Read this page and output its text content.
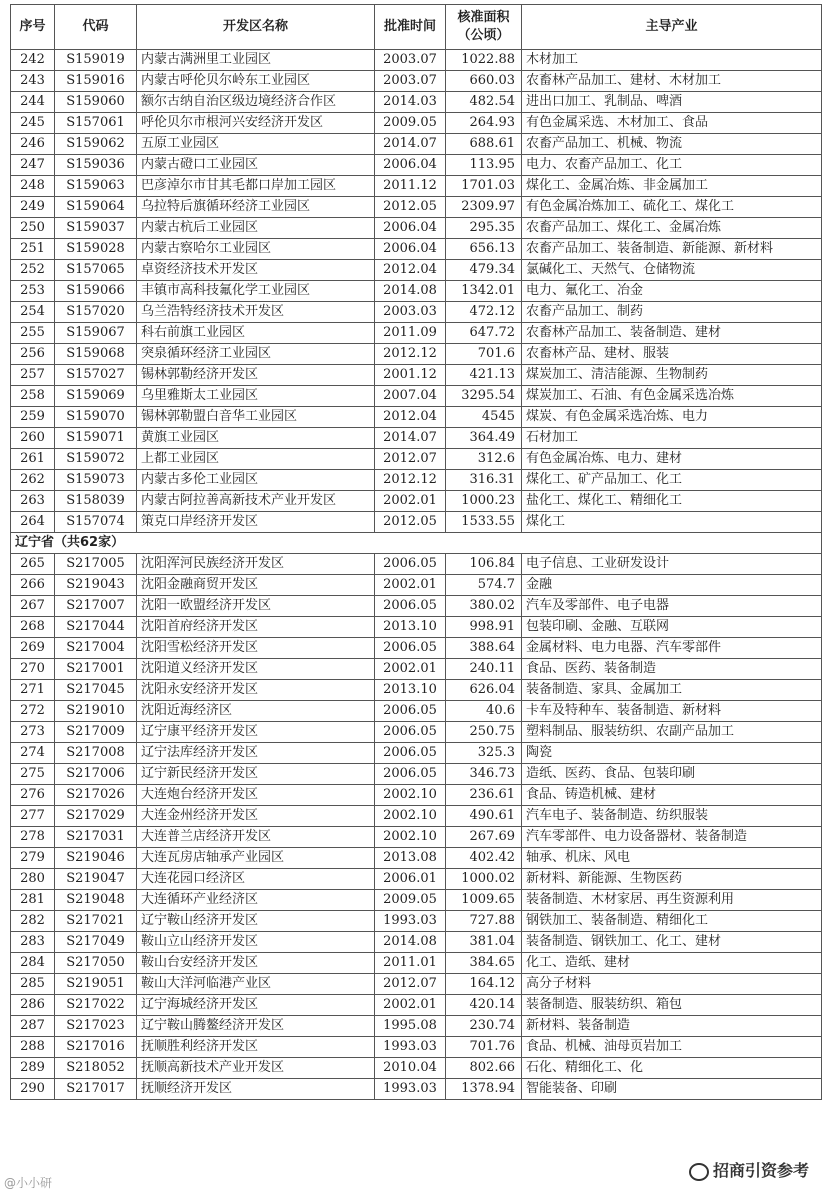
序号	代码	开发区名称	批准时间	核准面积（公顷）	主导产业
242	S159019	内蒙古满洲里工业园区	2003.07	1022.88	木材加工
243	S159016	内蒙古呼伦贝尔岭东工业园区	2003.07	660.03	农畜林产品加工、建材、木材加工
244	S159060	额尔古纳自治区级边境经济合作区	2014.03	482.54	进出口加工、乳制品、啤酒
245	S157061	呼伦贝尔市根河兴安经济开发区	2009.05	264.93	有色金属采选、木材加工、食品
246	S159062	五原工业园区	2014.07	688.61	农畜产品加工、机械、物流
247	S159036	内蒙古磴口工业园区	2006.04	113.95	电力、农畜产品加工、化工
248	S159063	巴彦淖尔市甘其毛都口岸加工园区	2011.12	1701.03	煤化工、金属冶炼、非金属加工
249	S159064	乌拉特后旗循环经济工业园区	2012.05	2309.97	有色金属冶炼加工、硫化工、煤化工
250	S159037	内蒙古杭后工业园区	2006.04	295.35	农畜产品加工、煤化工、金属冶炼
251	S159028	内蒙古察哈尔工业园区	2006.04	656.13	农畜产品加工、装备制造、新能源、新材料
252	S157065	卓资经济技术开发区	2012.04	479.34	氯碱化工、天然气、仓储物流
253	S159066	丰镇市高科技氟化学工业园区	2014.08	1342.01	电力、氟化工、冶金
254	S157020	乌兰浩特经济技术开发区	2003.03	472.12	农畜产品加工、制药
255	S159067	科右前旗工业园区	2011.09	647.72	农畜林产品加工、装备制造、建材
256	S159068	突泉循环经济工业园区	2012.12	701.6	农畜林产品、建材、服装
257	S157027	锡林郭勒经济开发区	2001.12	421.13	煤炭加工、清洁能源、生物制药
258	S159069	乌里雅斯太工业园区	2007.04	3295.54	煤炭加工、石油、有色金属采选冶炼
259	S159070	锡林郭勒盟白音华工业园区	2012.04	4545	煤炭、有色金属采选冶炼、电力
260	S159071	黄旗工业园区	2014.07	364.49	石材加工
261	S159072	上都工业园区	2012.07	312.6	有色金属冶炼、电力、建材
262	S159073	内蒙古多伦工业园区	2012.12	316.31	煤化工、矿产品加工、化工
263	S158039	内蒙古阿拉善高新技术产业开发区	2002.01	1000.23	盐化工、煤化工、精细化工
264	S157074	策克口岸经济开发区	2012.05	1533.55	煤化工
辽宁省（共62家）					
265	S217005	沈阳浑河民族经济开发区	2006.05	106.84	电子信息、工业研发设计
266	S219043	沈阳金融商贸开发区	2002.01	574.7	金融
267	S217007	沈阳一欧盟经济开发区	2006.05	380.02	汽车及零部件、电子电器
268	S217044	沈阳首府经济开发区	2013.10	998.91	包装印刷、金融、互联网
269	S217004	沈阳雪松经济开发区	2006.05	388.64	金属材料、电力电器、汽车零部件
270	S217001	沈阳道义经济开发区	2002.01	240.11	食品、医药、装备制造
271	S217045	沈阳永安经济开发区	2013.10	626.04	装备制造、家具、金属加工
272	S219010	沈阳近海经济区	2006.05	40.6	卡车及特种车、装备制造、新材料
273	S217009	辽宁康平经济开发区	2006.05	250.75	塑料制品、服装纺织、农副产品加工
274	S217008	辽宁法库经济开发区	2006.05	325.3	陶瓷
275	S217006	辽宁新民经济开发区	2006.05	346.73	造纸、医药、食品、包装印刷
276	S217026	大连炮台经济开发区	2002.10	236.61	食品、铸造机械、建材
277	S217029	大连金州经济开发区	2002.10	490.61	汽车电子、装备制造、纺织服装
278	S217031	大连普兰店经济开发区	2002.10	267.69	汽车零部件、电力设备器材、装备制造
279	S219046	大连瓦房店轴承产业园区	2013.08	402.42	轴承、机床、风电
280	S219047	大连花园口经济区	2006.01	1000.02	新材料、新能源、生物医药
281	S219048	大连循环产业经济区	2009.05	1009.65	装备制造、木材家居、再生资源利用
282	S217021	辽宁鞍山经济开发区	1993.03	727.88	钢铁加工、装备制造、精细化工
283	S217049	鞍山立山经济开发区	2014.08	381.04	装备制造、钢铁加工、化工、建材
284	S217050	鞍山台安经济开发区	2011.01	384.65	化工、造纸、建材
285	S219051	鞍山大洋河临港产业区	2012.07	164.12	高分子材料
286	S217022	辽宁海城经济开发区	2002.01	420.14	装备制造、服装纺织、箱包
287	S217023	辽宁鞍山腾鳌经济开发区	1995.08	230.74	新材料、装备制造
288	S217016	抚顺胜利经济开发区	1993.03	701.76	食品、机械、油母页岩加工
289	S218052	抚顺高新技术产业开发区	2010.04	802.66	石化、精细化工、化
290	S217017	抚顺经济开发区	1993.03	1378.94	智能装备、印刷
@小小研
招商引资参考
